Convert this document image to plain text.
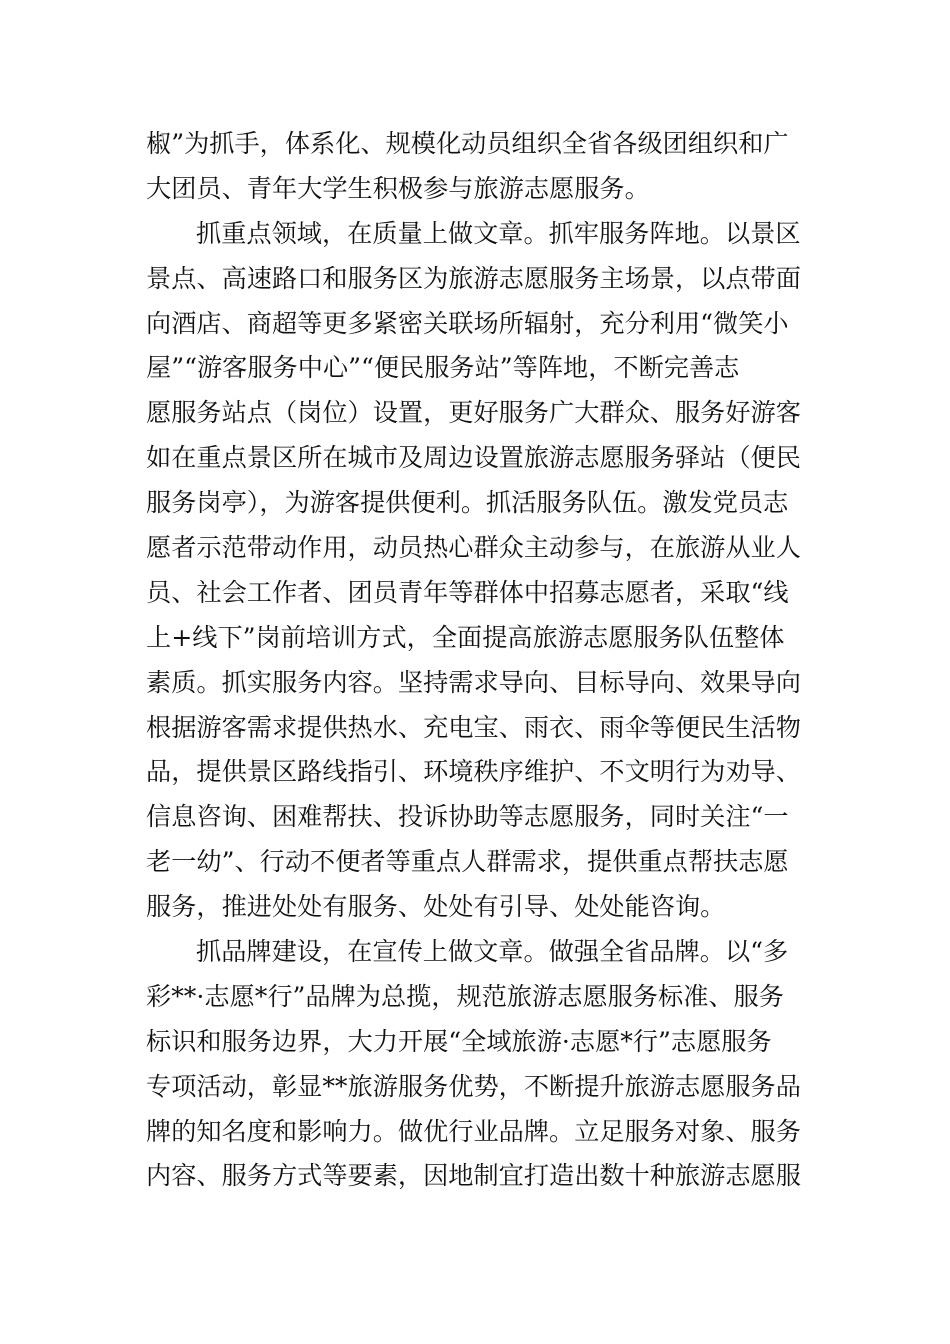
椒”为抓手，体系化、规模化动员组织全省各级团组织和广
大团员、青年大学生积极参与旅游志愿服务。
抓重点领域，在质量上做文章。抓牢服务阵地。以景区
景点、高速路口和服务区为旅游志愿服务主场景，以点带面
向酒店、商超等更多紧密关联场所辐射，充分利用“微笑小
屋”“游客服务中心”“便民服务站”等阵地，不断完善志
愿服务站点（岗位）设置，更好服务广大群众、服务好游客
如在重点景区所在城市及周边设置旅游志愿服务驿站（便民
服务岗亭），为游客提供便利。抓活服务队伍。激发党员志
愿者示范带动作用，动员热心群众主动参与，在旅游从业人
员、社会工作者、团员青年等群体中招募志愿者，采取“线
上+线下”岗前培训方式，全面提高旅游志愿服务队伍整体
素质。抓实服务内容。坚持需求导向、目标导向、效果导向
根据游客需求提供热水、充电宝、雨衣、雨伞等便民生活物
品，提供景区路线指引、环境秩序维护、不文明行为劝导、
信息咨询、困难帮扶、投诉协助等志愿服务，同时关注“一
老一幼”、行动不便者等重点人群需求，提供重点帮扶志愿
服务，推进处处有服务、处处有引导、处处能咨询。
抓品牌建设，在宣传上做文章。做强全省品牌。以“多
彩**·志愿*行”品牌为总揽，规范旅游志愿服务标准、服务
标识和服务边界，大力开展“全域旅游·志愿*行”志愿服务
专项活动，彰显**旅游服务优势，不断提升旅游志愿服务品
牌的知名度和影响力。做优行业品牌。立足服务对象、服务
内容、服务方式等要素，因地制宜打造出数十种旅游志愿服
